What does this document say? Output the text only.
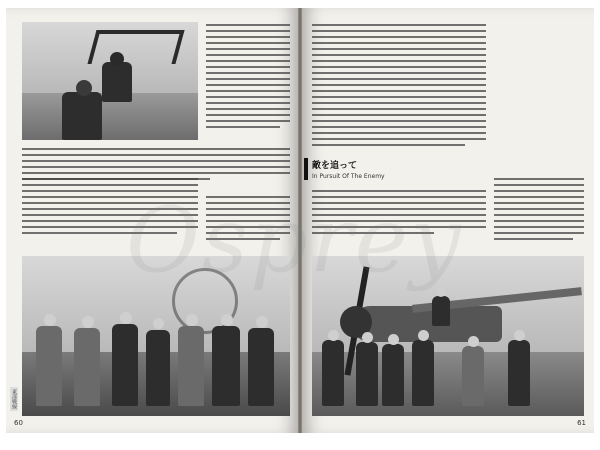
東部戦線
60
敵を追って
In Pursuit Of The Enemy
61
Osprey
